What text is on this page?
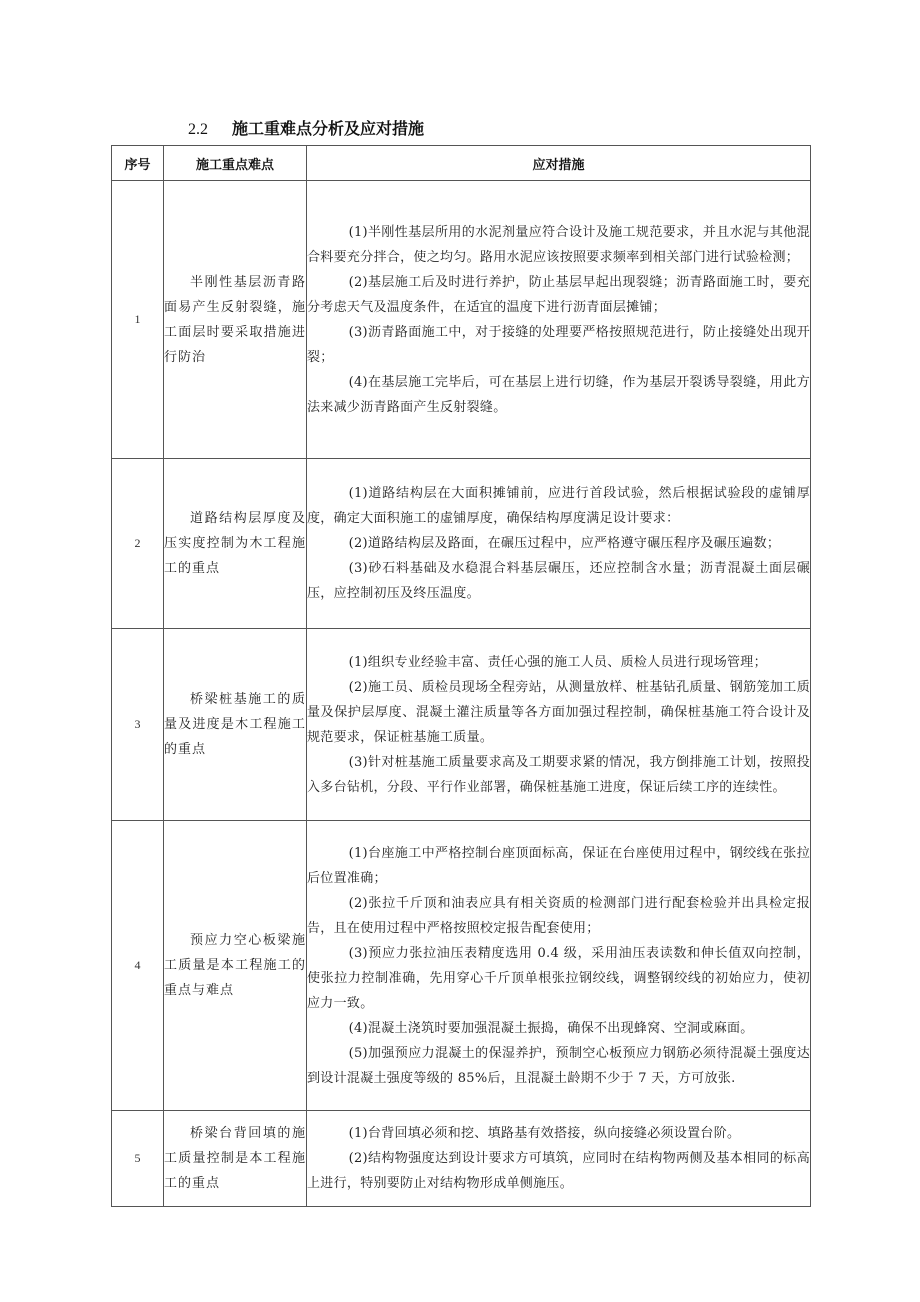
2.2 施工重难点分析及应对措施
序号	施工重点难点	应对措施
1	半刚性基层沥青路面易产生反射裂缝，施工面层时要采取措施进行防治	(1)半刚性基层所用的水泥剂量应符合设计及施工规范要求，并且水泥与其他混合料要充分拌合，使之均匀。路用水泥应该按照要求频率到相关部门进行试验检测；

(2)基层施工后及时进行养护，防止基层早起出现裂缝；沥青路面施工时，要充分考虑天气及温度条件，在适宜的温度下进行沥青面层摊铺；

(3)沥青路面施工中，对于接缝的处理要严格按照规范进行，防止接缝处出现开裂；

(4)在基层施工完毕后，可在基层上进行切缝，作为基层开裂诱导裂缝，用此方法来减少沥青路面产生反射裂缝。

2	道路结构层厚度及压实度控制为木工程施工的重点	(1)道路结构层在大面积摊铺前，应进行首段试验，然后根据试验段的虚铺厚度，确定大面积施工的虚铺厚度，确保结构厚度满足设计要求：

(2)道路结构层及路面，在碾压过程中，应严格遵守碾压程序及碾压遍数；

(3)砂石料基础及水稳混合料基层碾压，还应控制含水量；沥青混凝土面层碾压，应控制初压及终压温度。

3	桥梁桩基施工的质量及进度是木工程施工的重点	(1)组织专业经验丰富、责任心强的施工人员、质检人员进行现场管理；

(2)施工员、质检员现场全程旁站，从测量放样、桩基钻孔质量、钢筋笼加工质量及保护层厚度、混凝土灌注质量等各方面加强过程控制，确保桩基施工符合设计及规范要求，保证桩基施工质量。

(3)针对桩基施工质量要求高及工期要求紧的情况，我方倒排施工计划，按照投入多台钻机，分段、平行作业部署，确保桩基施工进度，保证后续工序的连续性。

4	预应力空心板梁施工质量是本工程施工的重点与难点	(1)台座施工中严格控制台座顶面标高，保证在台座使用过程中，钢绞线在张拉后位置准确；

(2)张拉千斤顶和油表应具有相关资质的检测部门进行配套检验并出具检定报告，且在使用过程中严格按照校定报告配套使用；

(3)预应力张拉油压表精度选用 0.4 级，采用油压表读数和伸长值双向控制，使张拉力控制准确，先用穿心千斤顶单根张拉钢绞线，调整钢绞线的初始应力，使初应力一致。

(4)混凝土浇筑时要加强混凝土振捣，确保不出现蜂窝、空洞或麻面。

(5)加强预应力混凝土的保湿养护，预制空心板预应力钢筋必须待混凝土强度达到设计混凝土强度等级的 85%后，且混凝土龄期不少于 7 天，方可放张.

5	桥梁台背回填的施工质量控制是本工程施工的重点	(1)台背回填必须和挖、填路基有效搭接，纵向接缝必须设置台阶。

(2)结构物强度达到设计要求方可填筑，应同时在结构物两侧及基本相同的标高上进行，特别要防止对结构物形成单侧施压。
